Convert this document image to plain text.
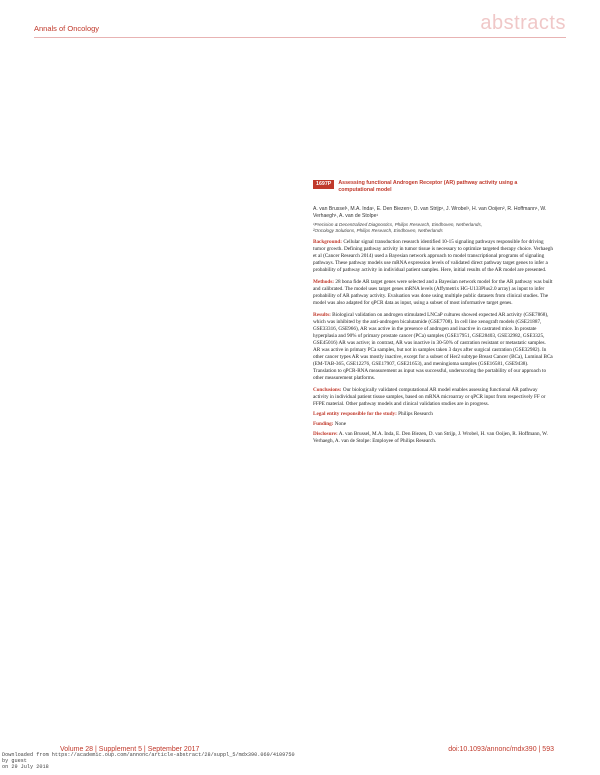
Annals of Oncology	abstracts
1697P	Assessing functional Androgen Receptor (AR) pathway activity using a computational model
A. van Brussel¹, M.A. Inda¹, E. Den Biezen¹, D. van Strijp¹, J. Wrobel¹, H. van Ooijen², R. Hoffmann¹, W. Verhaegh¹, A. van de Stolpe¹
¹Precision & Decentralized Diagnostics, Philips Research, Eindhoven, Netherlands,
²Oncology Solutions, Philips Research, Eindhoven, Netherlands
Background: Cellular signal transduction research identified 10-15 signaling pathways responsible for driving tumor growth. Defining pathway activity in tumor tissue is necessary to optimize targeted therapy choice. Verhaegh et al (Cancer Research 2014) used a Bayesian network approach to model transcriptional programs of signaling pathways. These pathway models use mRNA expression levels of validated direct pathway target genes to infer a probability of pathway activity in individual patient samples. Here, initial results of the AR model are presented.
Methods: 28 bona fide AR target genes were selected and a Bayesian network model for the AR pathway was built and calibrated. The model uses target genes mRNA levels (Affymetrix HG-U133Plus2.0 array) as input to infer probability of AR pathway activity. Evaluation was done using multiple public datasets from clinical studies. The model was also adapted for qPCR data as input, using a subset of most informative target genes.
Results: Biological validation on androgen stimulated LNCaP cultures showed expected AR activity (GSE7868), which was inhibited by the anti-androgen bicalutamide (GSE7708). In cell line xenograft models (GSE21887, GSE33316, GSE966), AR was active in the presence of androgen and inactive in castrated mice. In prostate hyperplasia and 90% of primary prostate cancer (PCa) samples (GSE17951, GSE28403, GSE32982, GSE3325, GSE45016) AR was active; in contrast, AR was inactive in 30-50% of castration resistant or metastatic samples. AR was active in primary PCa samples, but not in samples taken 3 days after surgical castration (GSE32982). In other cancer types AR was mostly inactive, except for a subset of Her2 subtype Breast Cancer (BCa), Luminal BCa (EM-TAB-365, GSE12276, GSE17907, GSE21653), and meningioma samples (GSE16581, GSE9438). Translation to qPCR-RNA measurement as input was successful, underscoring the portability of our approach to other measurement platforms.
Conclusions: Our biologically validated computational AR model enables assessing functional AR pathway activity in individual patient tissue samples, based on mRNA microarray or qPCR input from respectively FF or FFPE material. Other pathway models and clinical validation studies are in progress.
Legal entity responsible for the study: Philips Research
Funding: None
Disclosure: A. van Brussel, M.A. Inda, E. Den Biezen, D. van Strijp, J. Wrobel, H. van Ooijen, R. Hoffmann, W. Verhaegh, A. van de Stolpe: Employee of Philips Research.
Volume 28 | Supplement 5 | September 2017	doi:10.1093/annonc/mdx390 | 593
Downloaded from https://academic.oup.com/annonc/article-abstract/28/suppl_5/mdx390.069/4109750
by guest
on 29 July 2018
